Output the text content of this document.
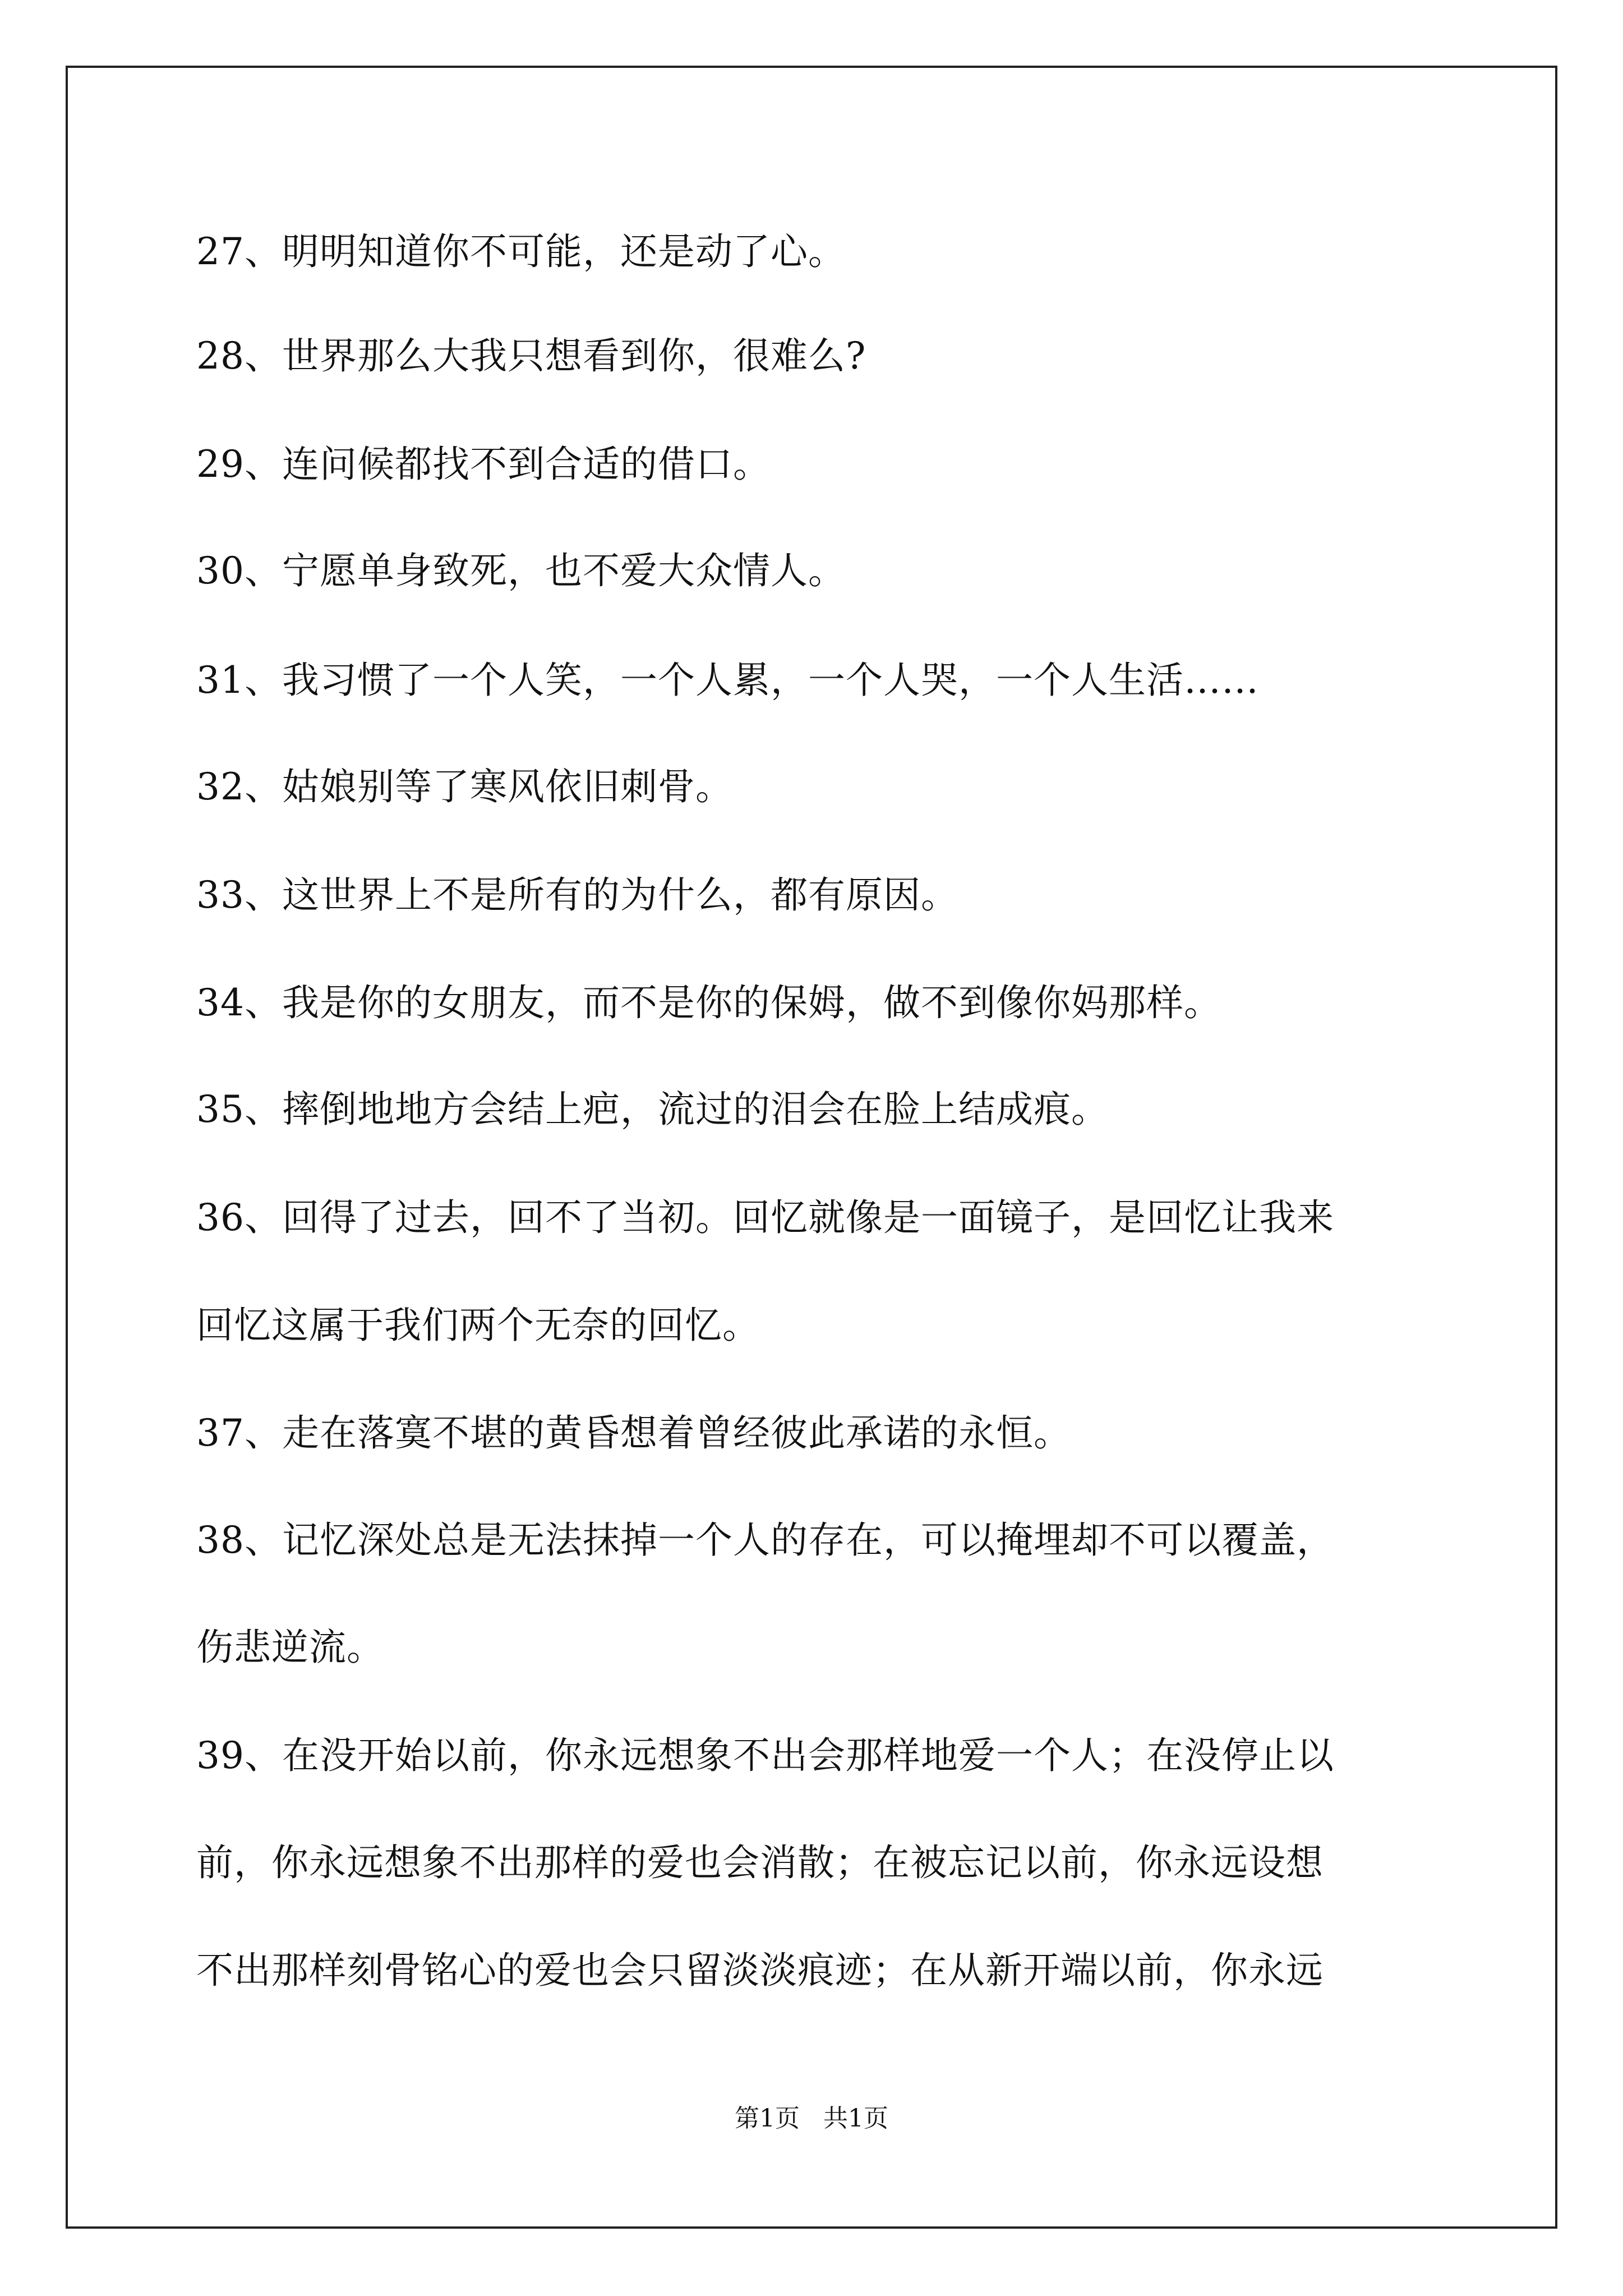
27、明明知道你不可能，还是动了心。
28、世界那么大我只想看到你，很难么?
29、连问候都找不到合适的借口。
30、宁愿单身致死，也不爱大众情人。
31、我习惯了一个人笑，一个人累，一个人哭，一个人生活……
32、姑娘别等了寒风依旧刺骨。
33、这世界上不是所有的为什么，都有原因。
34、我是你的女朋友，而不是你的保姆，做不到像你妈那样。
35、摔倒地地方会结上疤，流过的泪会在脸上结成痕。
36、回得了过去，回不了当初。回忆就像是一面镜子，是回忆让我来
回忆这属于我们两个无奈的回忆。
37、走在落寞不堪的黄昏想着曾经彼此承诺的永恒。
38、记忆深处总是无法抹掉一个人的存在，可以掩埋却不可以覆盖，
伤悲逆流。
39、在没开始以前，你永远想象不出会那样地爱一个人；在没停止以
前，你永远想象不出那样的爱也会消散；在被忘记以前，你永远设想
不出那样刻骨铭心的爱也会只留淡淡痕迹；在从新开端以前，你永远
第1页   共1页
